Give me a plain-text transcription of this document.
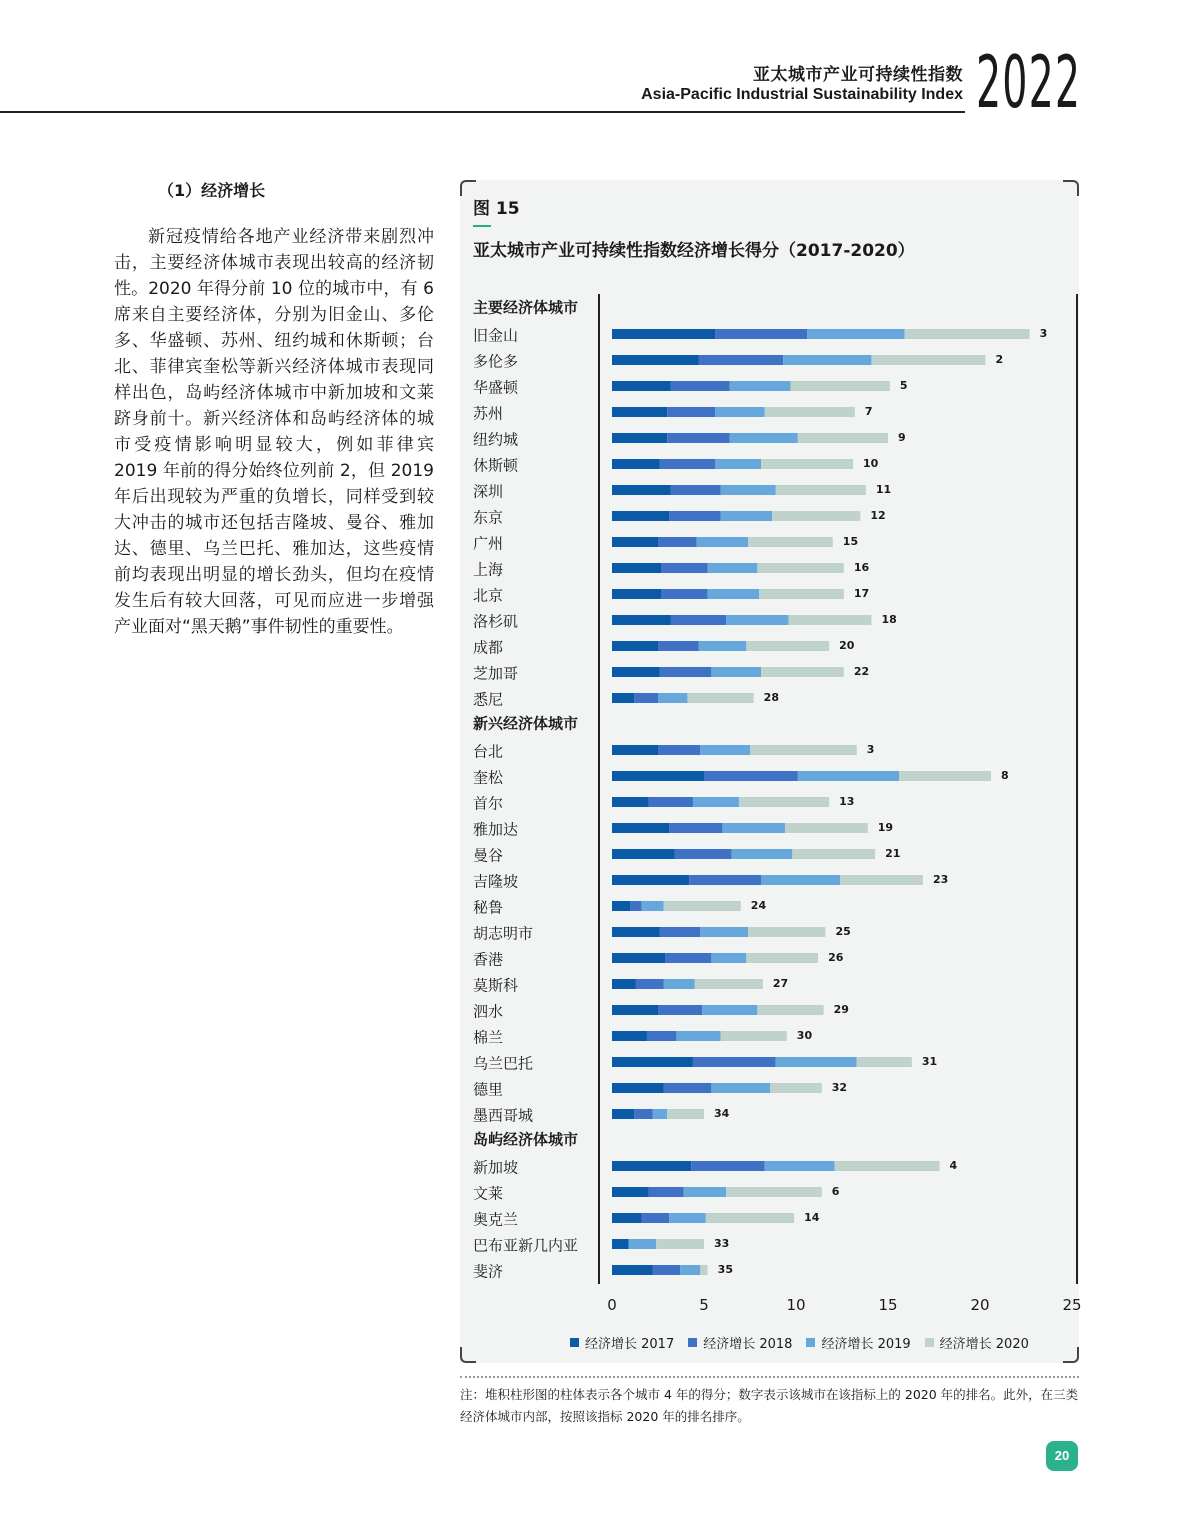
亚太城市产业可持续性指数
Asia-Pacific Industrial Sustainability Index 2022
（1）经济增长
新冠疫情给各地产业经济带来剧烈冲击，主要经济体城市表现出较高的经济韧性。2020 年得分前 10 位的城市中，有 6 席来自主要经济体，分别为旧金山、多伦多、华盛顿、苏州、纽约城和休斯顿；台北、菲律宾奎松等新兴经济体城市表现同样出色，岛屿经济体城市中新加坡和文莱跻身前十。新兴经济体和岛屿经济体的城市受疫情影响明显较大，例如菲律宾 2019 年前的得分始终位列前 2，但 2019 年后出现较为严重的负增长，同样受到较大冲击的城市还包括吉隆坡、曼谷、雅加达、德里、乌兰巴托、雅加达，这些疫情前均表现出明显的增长劲头，但均在疫情发生后有较大回落，可见而应进一步增强产业面对“黑天鹅”事件韧性的重要性。
图 15
亚太城市产业可持续性指数经济增长得分（2017-2020）
主要经济体城市
旧金山	3
多伦多	2
华盛顿	5
苏州	7
纽约城	9
休斯顿	10
深圳	11
东京	12
广州	15
上海	16
北京	17
洛杉矶	18
成都	20
芝加哥	22
悉尼	28
新兴经济体城市
台北	3
奎松	8
首尔	13
雅加达	19
曼谷	21
吉隆坡	23
秘鲁	24
胡志明市	25
香港	26
莫斯科	27
泗水	29
棉兰	30
乌兰巴托	31
德里	32
墨西哥城	34
岛屿经济体城市
新加坡	4
文莱	6
奥克兰	14
巴布亚新几内亚	33
斐济	35
0	5	10	15	20	25
经济增长 2017 经济增长 2018 经济增长 2019 经济增长 2020
注：堆积柱形图的柱体表示各个城市 4 年的得分；数字表示该城市在该指标上的 2020 年的排名。此外，在三类经济体城市内部，按照该指标 2020 年的排名排序。
20
